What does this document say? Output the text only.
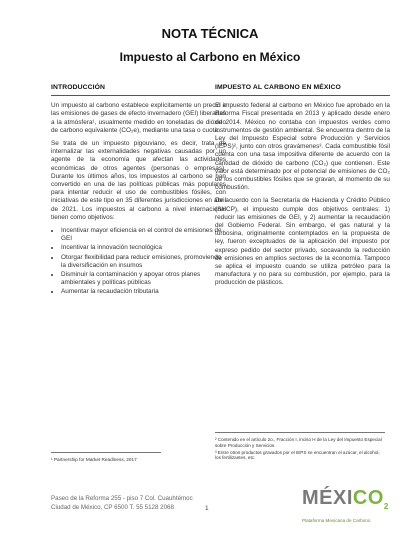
NOTA TÉCNICA
Impuesto al Carbono en México
INTRODUCCIÓN

Un impuesto al carbono establece explícitamente un precio a las emisiones de gases de efecto invernadero (GEI) liberadas a la atmósfera¹, usualmente medido en toneladas de dióxido de carbono equivalente (CO₂e), mediante una tasa o cuota.

Se trata de un impuesto pigouviano, es decir, trata de internalizar las externalidades negativas causadas por un agente de la economía que afectan las actividades económicas de otros agentes (personas o empresas). Durante los últimos años, los impuestos al carbono se han convertido en una de las políticas públicas más populares para intentar reducir el uso de combustibles fósiles, con iniciativas de este tipo en 35 diferentes jurisdicciones en abril de 2021. Los impuestos al carbono a nivel internacional tienen como objetivos:

• Incentivar mayor eficiencia en el control de emisiones de GEI
• Incentivar la innovación tecnológica
• Otorgar flexibilidad para reducir emisiones, promoviendo la diversificación en insumos
• Disminuir la contaminación y apoyar otros planes ambientales y políticas públicas
• Aumentar la recaudación tributaria
IMPUESTO AL CARBONO EN MÉXICO

El impuesto federal al carbono en México fue aprobado en la Reforma Fiscal presentada en 2013 y aplicado desde enero de 2014. México no contaba con impuestos verdes como instrumentos de gestión ambiental. Se encuentra dentro de la Ley del Impuesto Especial sobre Producción y Servicios (IEPS)², junto con otros gravámenes³. Cada combustible fósil cuenta con una tasa impositiva diferente de acuerdo con la cantidad de dióxido de carbono (CO₂) que contienen. Este valor está determinado por el potencial de emisiones de CO₂ de los combustibles fósiles que se gravan, al momento de su combustión.

De acuerdo con la Secretaría de Hacienda y Crédito Público (SHCP), el impuesto cumple dos objetivos centrales: 1) reducir las emisiones de GEI, y 2) aumentar la recaudación del Gobierno Federal. Sin embargo, el gas natural y la turbosina, originalmente contemplados en la propuesta de ley, fueron exceptuados de la aplicación del impuesto por expreso pedido del sector privado, socavando la reducción de emisiones en amplios sectores de la economía. Tampoco se aplica el impuesto cuando se utiliza petróleo para la manufactura y no para su combustión, por ejemplo, para la producción de plásticos.

¹ Partnership for Market Readiness, 2017
² Contenido en el artículo 2o., Fracción I, inciso H de la Ley del Impuesto Especial sobre Producción y Servicios.
³ Entre otros productos gravados por el IEPS se encuentran el azúcar, el alcohol, los fertilizantes, etc.
Paseo de la Reforma 255 - piso 7 Col. Cuauhtémoc
Ciudad de México, CP 6500 T. 55 5128 2068	1	$MÉXICO_2$
Plataforma Mexicana de Carbono
